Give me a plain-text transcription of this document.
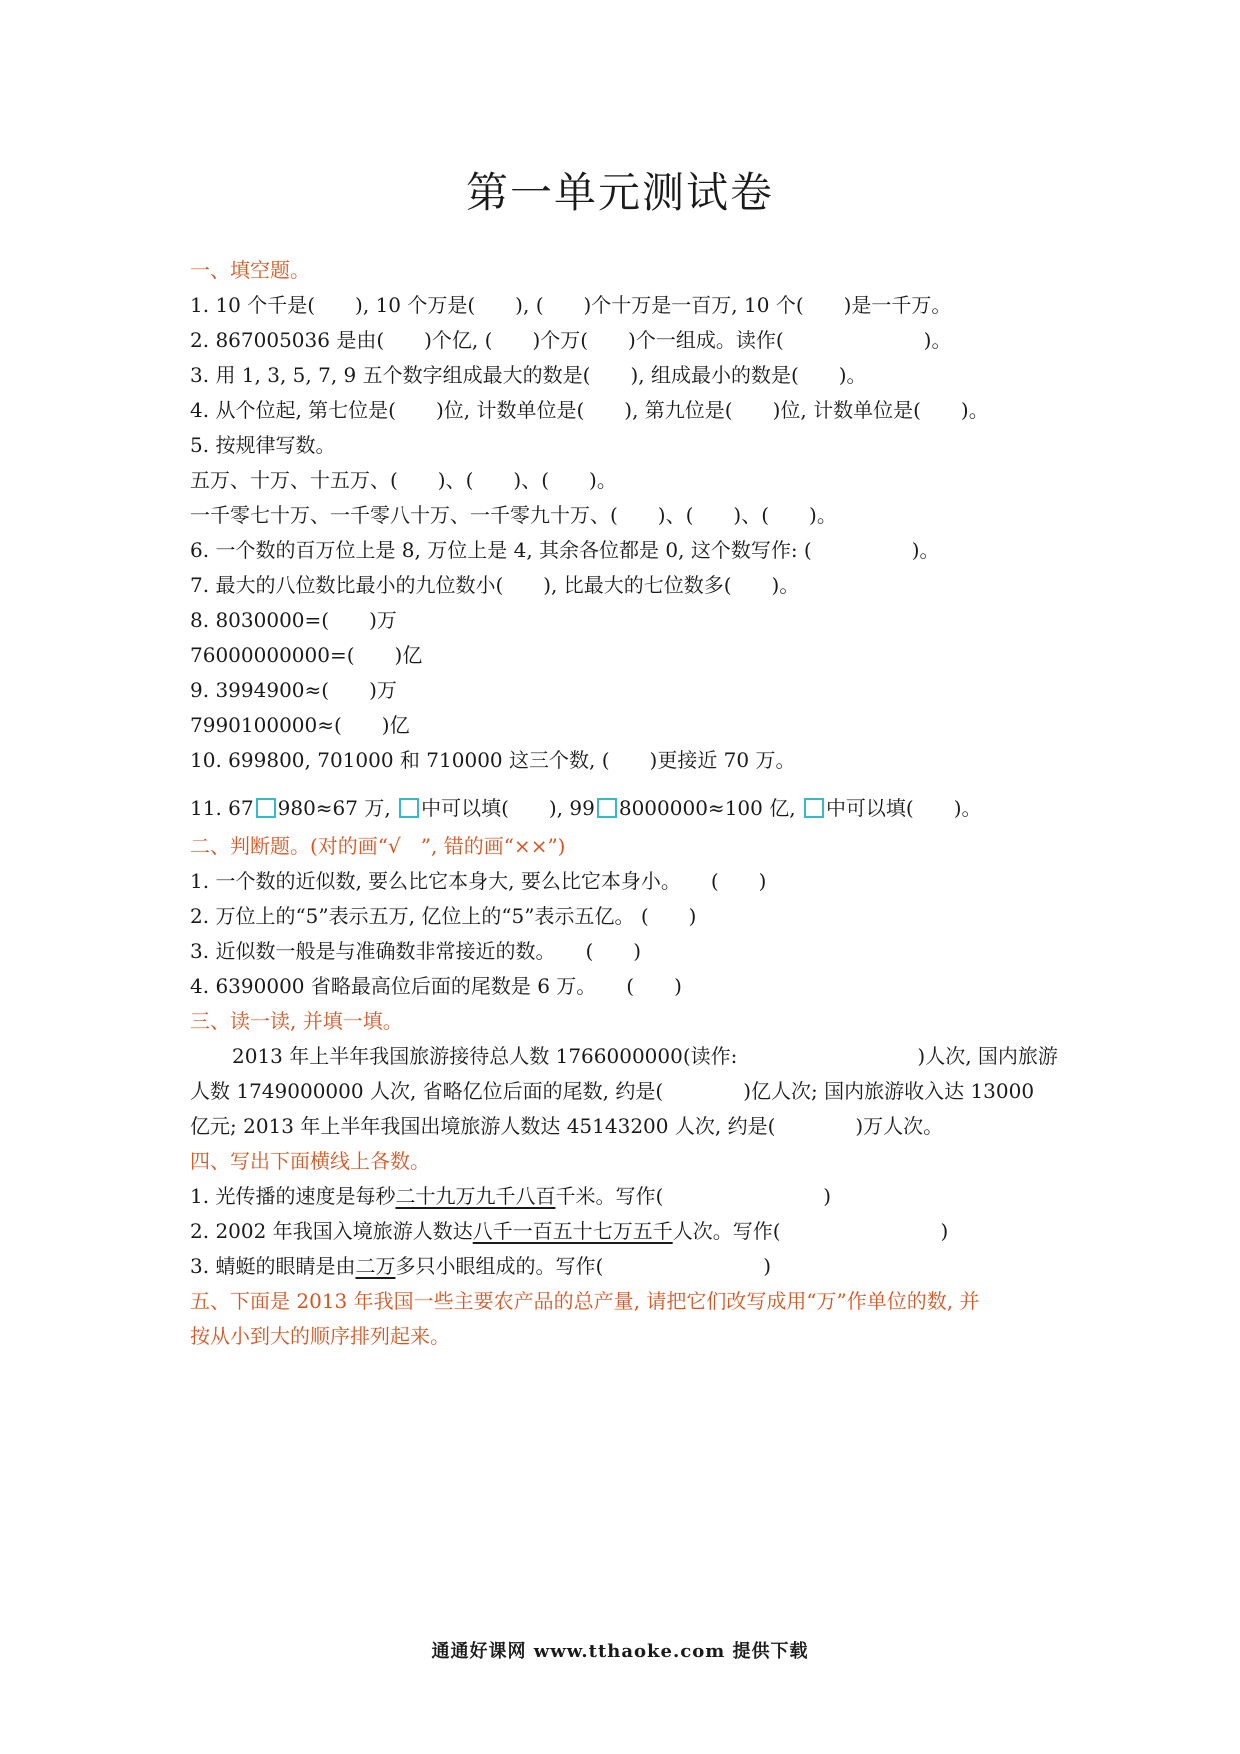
第一单元测试卷
一、填空题。
1. 10 个千是(　　), 10 个万是(　　), (　　)个十万是一百万, 10 个(　　)是一千万。
2. 867005036 是由(　　)个亿, (　　)个万(　　)个一组成。读作(　　　　　　　)。
3. 用 1, 3, 5, 7, 9 五个数字组成最大的数是(　　), 组成最小的数是(　　)。
4. 从个位起, 第七位是(　　)位, 计数单位是(　　), 第九位是(　　)位, 计数单位是(　　)。
5. 按规律写数。
五万、十万、十五万、(　　)、(　　)、(　　)。
一千零七十万、一千零八十万、一千零九十万、(　　)、(　　)、(　　)。
6. 一个数的百万位上是 8, 万位上是 4, 其余各位都是 0, 这个数写作: (　　　　　)。
7. 最大的八位数比最小的九位数小(　　), 比最大的七位数多(　　)。
8. 8030000=(　　)万
76000000000=(　　)亿
9. 3994900≈(　　)万
7990100000≈(　　)亿
10. 699800, 701000 和 710000 这三个数, (　　)更接近 70 万。
11. 67 980≈67 万, 中可以填(　　), 99 8000000≈100 亿, 中可以填(　　)。
二、判断题。(对的画“√　”, 错的画“××”)
1. 一个数的近似数, 要么比它本身大, 要么比它本身小。　　(　　)
2. 万位上的“5”表示五万, 亿位上的“5”表示五亿。 (　　)
3. 近似数一般是与准确数非常接近的数。　　(　　)
4. 6390000 省略最高位后面的尾数是 6 万。　　(　　)
三、读一读, 并填一填。
2013 年上半年我国旅游接待总人数 1766000000(读作:　　　　　　　　　)人次, 国内旅游
人数 1749000000 人次, 省略亿位后面的尾数, 约是(　　　　)亿人次; 国内旅游收入达 13000
亿元; 2013 年上半年我国出境旅游人数达 45143200 人次, 约是(　　　　)万人次。
四、写出下面横线上各数。
1. 光传播的速度是每秒二十九万九千八百千米。写作(　　　　　　　　)
2. 2002 年我国入境旅游人数达八千一百五十七万五千人次。写作(　　　　　　　　)
3. 蜻蜓的眼睛是由二万多只小眼组成的。写作(　　　　　　　　)
五、下面是 2013 年我国一些主要农产品的总产量, 请把它们改写成用“万”作单位的数, 并
按从小到大的顺序排列起来。
通通好课网 www.tthaoke.com 提供下载
